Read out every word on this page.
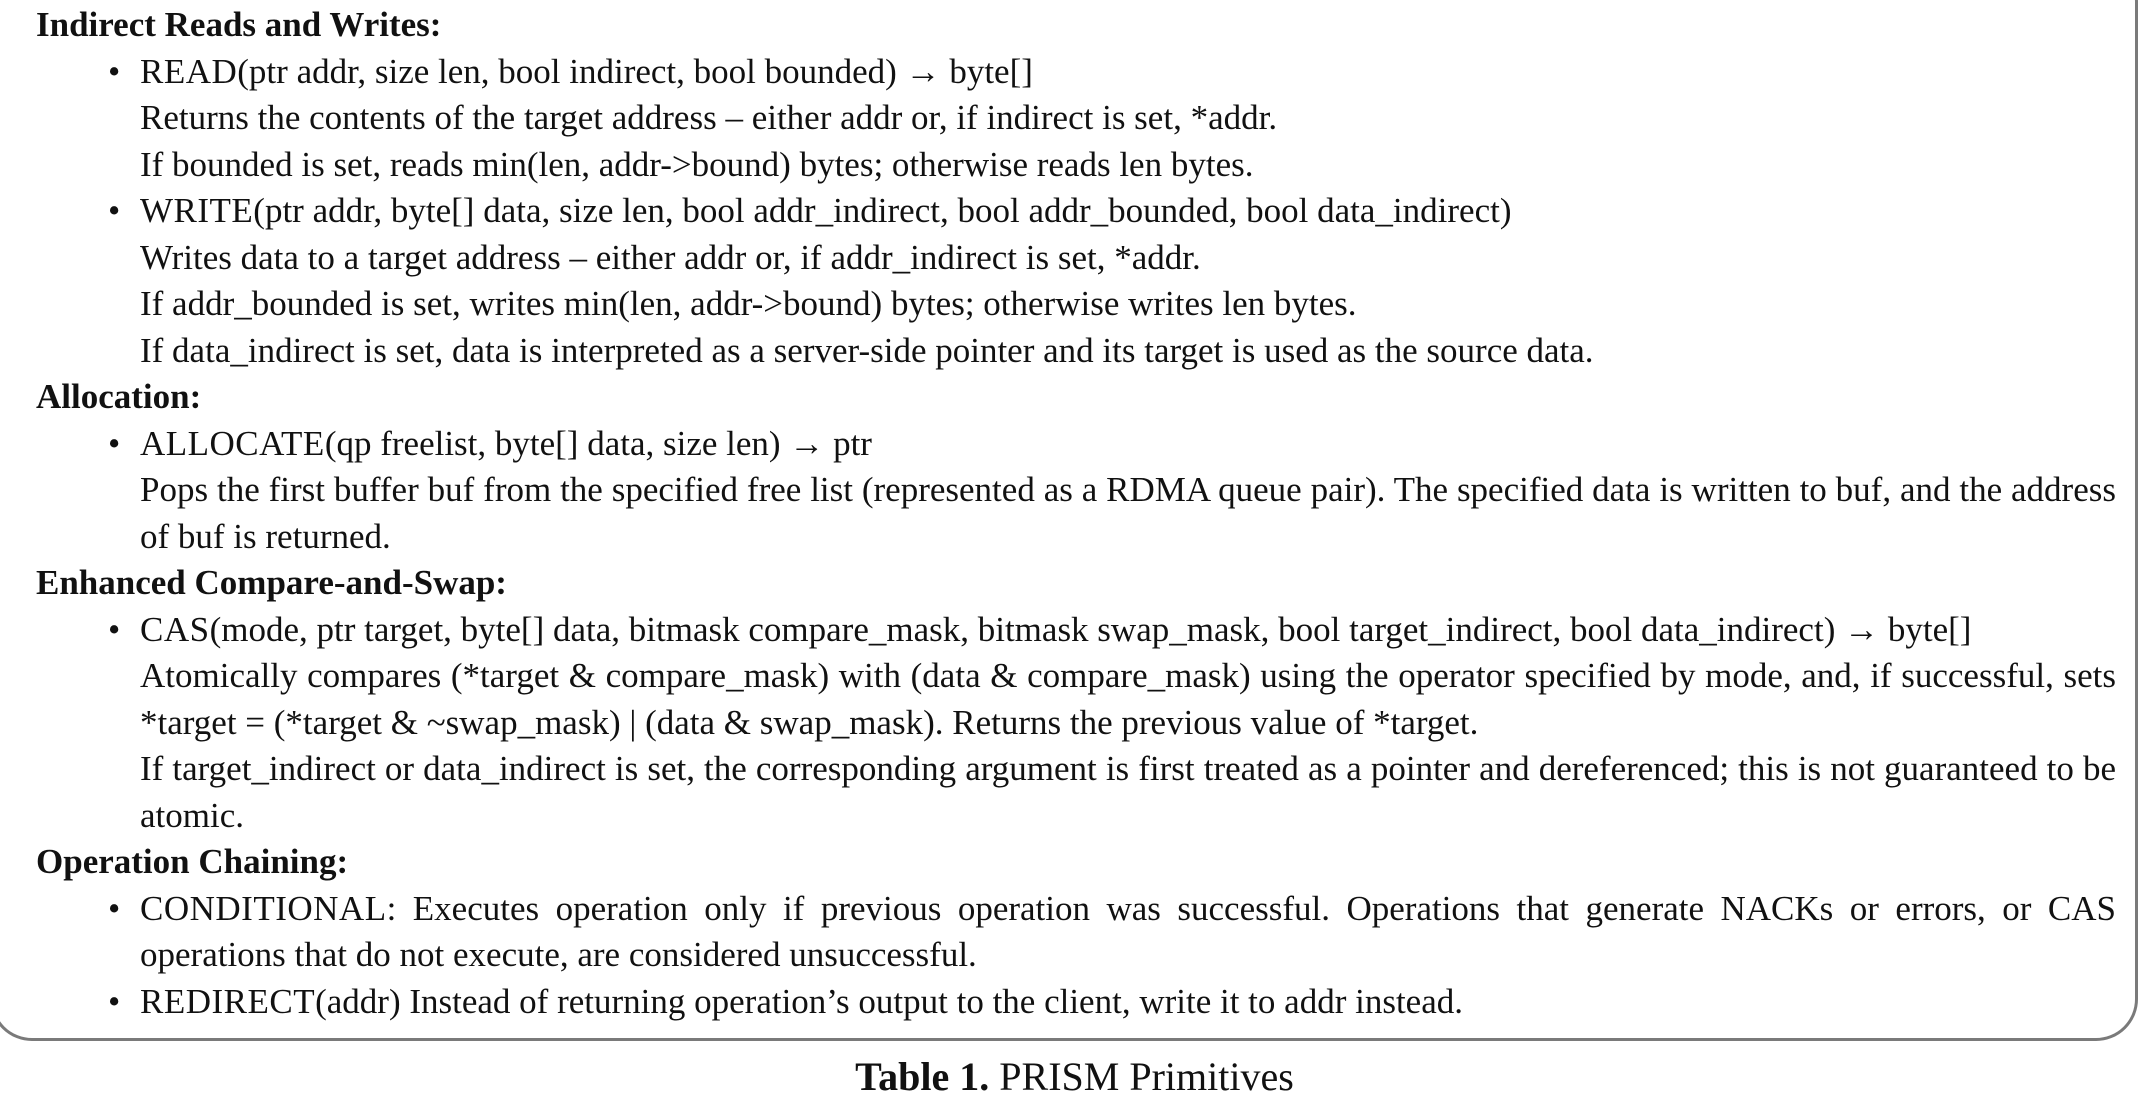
Indirect Reads and Writes:
• READ(ptr addr, size len, bool indirect, bool bounded) → byte[]
Returns the contents of the target address – either addr or, if indirect is set, *addr.
If bounded is set, reads min(len, addr->bound) bytes; otherwise reads len bytes.
• WRITE(ptr addr, byte[] data, size len, bool addr_indirect, bool addr_bounded, bool data_indirect)
Writes data to a target address – either addr or, if addr_indirect is set, *addr.
If addr_bounded is set, writes min(len, addr->bound) bytes; otherwise writes len bytes.
If data_indirect is set, data is interpreted as a server-side pointer and its target is used as the source data.
Allocation:
• ALLOCATE(qp freelist, byte[] data, size len) → ptr
Pops the first buffer buf from the specified free list (represented as a RDMA queue pair). The specified data is written to buf, and the address of buf is returned.
Enhanced Compare-and-Swap:
• CAS(mode, ptr target, byte[] data, bitmask compare_mask, bitmask swap_mask, bool target_indirect, bool data_indirect) → byte[]
Atomically compares (*target & compare_mask) with (data & compare_mask) using the operator specified by mode, and, if successful, sets *target = (*target & ~swap_mask) | (data & swap_mask). Returns the previous value of *target.
If target_indirect or data_indirect is set, the corresponding argument is first treated as a pointer and dereferenced; this is not guaranteed to be atomic.
Operation Chaining:
• CONDITIONAL: Executes operation only if previous operation was successful. Operations that generate NACKs or errors, or CAS operations that do not execute, are considered unsuccessful.
• REDIRECT(addr) Instead of returning operation’s output to the client, write it to addr instead.
Table 1. PRISM Primitives
